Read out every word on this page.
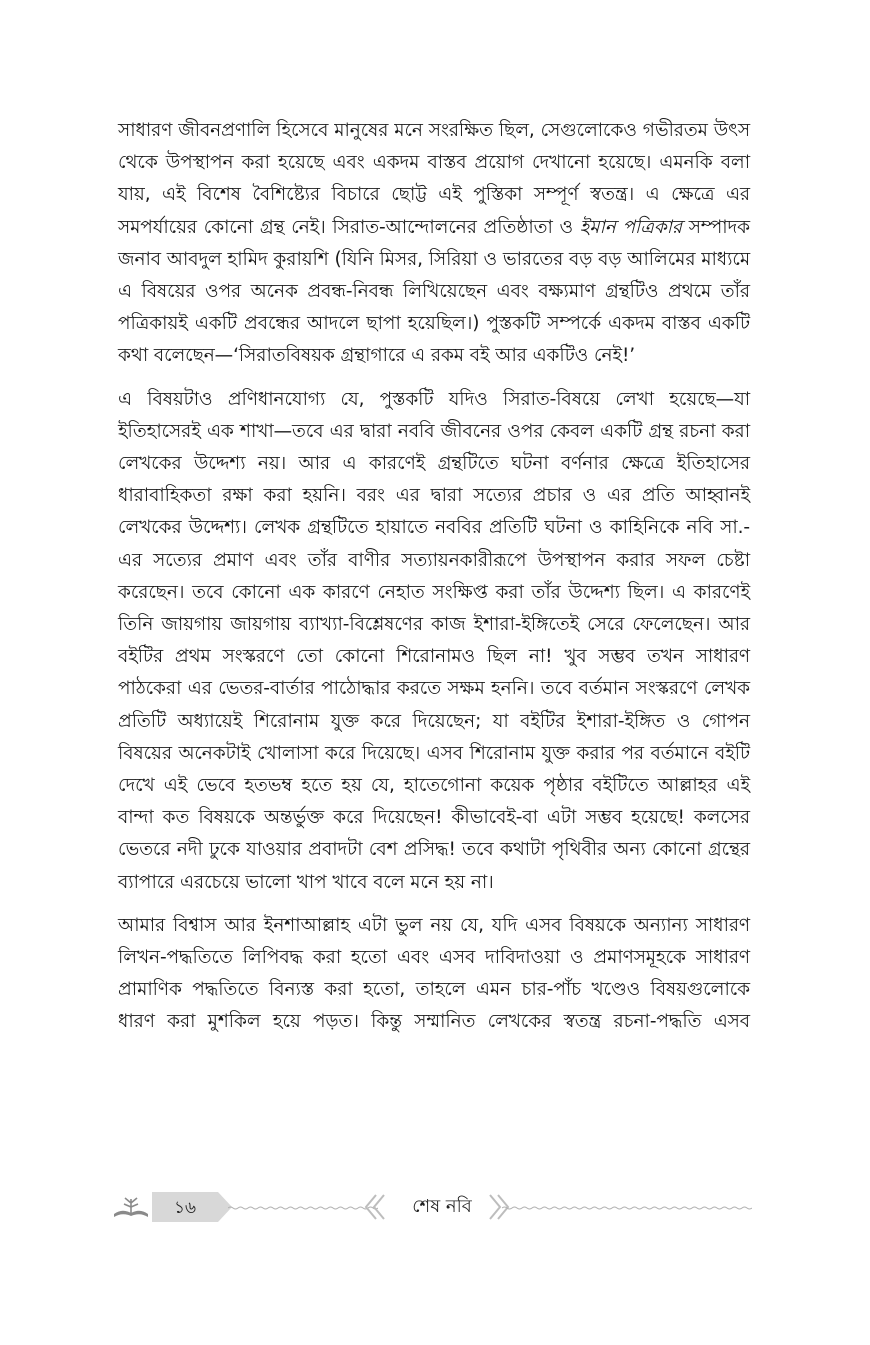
সাধারণ জীবনপ্রণালি হিসেবে মানুষের মনে সংরক্ষিত ছিল, সেগুলোকেও গভীরতম উৎস থেকে উপস্থাপন করা হয়েছে এবং একদম বাস্তব প্রয়োগ দেখানো হয়েছে। এমনকি বলা যায়, এই বিশেষ বৈশিষ্ট্যের বিচারে ছোট্ট এই পুস্তিকা সম্পূর্ণ স্বতন্ত্র। এ ক্ষেত্রে এর সমপর্যায়ের কোনো গ্রন্থ নেই। সিরাত-আন্দোলনের প্রতিষ্ঠাতা ও ইমান পত্রিকার সম্পাদক জনাব আবদুল হামিদ কুরায়শি (যিনি মিসর, সিরিয়া ও ভারতের বড় বড় আলিমের মাধ্যমে এ বিষয়ের ওপর অনেক প্রবন্ধ-নিবন্ধ লিখিয়েছেন এবং বক্ষ্যমাণ গ্রন্থটিও প্রথমে তাঁর পত্রিকায়ই একটি প্রবন্ধের আদলে ছাপা হয়েছিল।) পুস্তকটি সম্পর্কে একদম বাস্তব একটি কথা বলেছেন—‘সিরাতবিষয়ক গ্রন্থাগারে এ রকম বই আর একটিও নেই!’

এ বিষয়টাও প্রণিধানযোগ্য যে, পুস্তকটি যদিও সিরাত-বিষয়ে লেখা হয়েছে—যা ইতিহাসেরই এক শাখা—তবে এর দ্বারা নববি জীবনের ওপর কেবল একটি গ্রন্থ রচনা করা লেখকের উদ্দেশ্য নয়। আর এ কারণেই গ্রন্থটিতে ঘটনা বর্ণনার ক্ষেত্রে ইতিহাসের ধারাবাহিকতা রক্ষা করা হয়নি। বরং এর দ্বারা সত্যের প্রচার ও এর প্রতি আহ্বানই লেখকের উদ্দেশ্য। লেখক গ্রন্থটিতে হায়াতে নববির প্রতিটি ঘটনা ও কাহিনিকে নবি সা.-এর সত্যের প্রমাণ এবং তাঁর বাণীর সত্যায়নকারীরূপে উপস্থাপন করার সফল চেষ্টা করেছেন। তবে কোনো এক কারণে নেহাত সংক্ষিপ্ত করা তাঁর উদ্দেশ্য ছিল। এ কারণেই তিনি জায়গায় জায়গায় ব্যাখ্যা-বিশ্লেষণের কাজ ইশারা-ইঙ্গিতেই সেরে ফেলেছেন। আর বইটির প্রথম সংস্করণে তো কোনো শিরোনামও ছিল না! খুব সম্ভব তখন সাধারণ পাঠকেরা এর ভেতর-বার্তার পাঠোদ্ধার করতে সক্ষম হননি। তবে বর্তমান সংস্করণে লেখক প্রতিটি অধ্যায়েই শিরোনাম যুক্ত করে দিয়েছেন; যা বইটির ইশারা-ইঙ্গিত ও গোপন বিষয়ের অনেকটাই খোলাসা করে দিয়েছে। এসব শিরোনাম যুক্ত করার পর বর্তমানে বইটি দেখে এই ভেবে হতভম্ব হতে হয় যে, হাতেগোনা কয়েক পৃষ্ঠার বইটিতে আল্লাহর এই বান্দা কত বিষয়কে অন্তর্ভুক্ত করে দিয়েছেন! কীভাবেই-বা এটা সম্ভব হয়েছে! কলসের ভেতরে নদী ঢুকে যাওয়ার প্রবাদটা বেশ প্রসিদ্ধ! তবে কথাটা পৃথিবীর অন্য কোনো গ্রন্থের ব্যাপারে এরচেয়ে ভালো খাপ খাবে বলে মনে হয় না।

আমার বিশ্বাস আর ইনশাআল্লাহ এটা ভুল নয় যে, যদি এসব বিষয়কে অন্যান্য সাধারণ লিখন-পদ্ধতিতে লিপিবদ্ধ করা হতো এবং এসব দাবিদাওয়া ও প্রমাণসমূহকে সাধারণ প্রামাণিক পদ্ধতিতে বিন্যস্ত করা হতো, তাহলে এমন চার-পাঁচ খণ্ডেও বিষয়গুলোকে ধারণ করা মুশকিল হয়ে পড়ত। কিন্তু সম্মানিত লেখকের স্বতন্ত্র রচনা-পদ্ধতি এসব

১৬	শেষ নবি
